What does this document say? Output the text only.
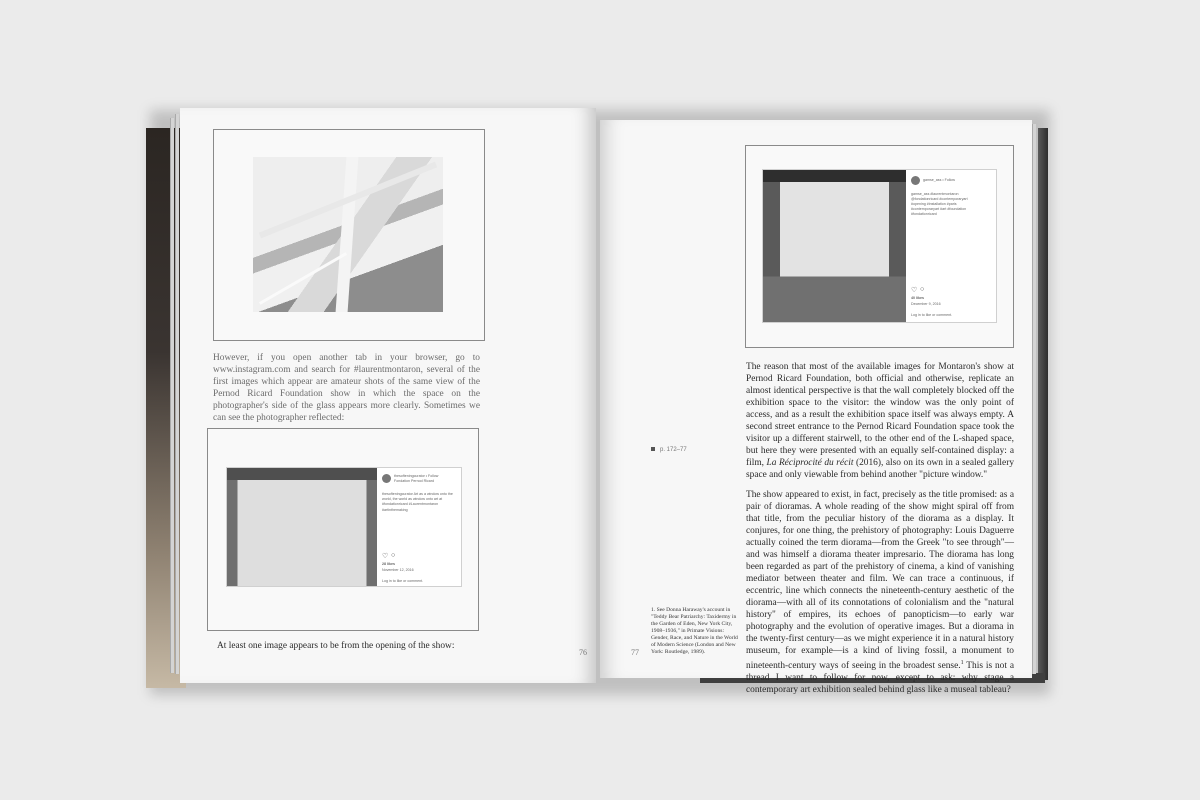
However, if you open another tab in your browser, go to www.instagram.com and search for #laurentmontaron, several of the first images which appear are amateur shots of the same view of the Pernod Ricard Foundation show in which the space on the photographer's side of the glass appears more clearly. Sometimes we can see the photographer reflected:
thesofteningcurator • Follow
Fondation Pernod Ricard
thesofteningcurator Art as a window onto the world, the world as window onto art at #fondationricard #Laurentmontaron
#artinthemaking
♡ ○
28 likes
November 12, 2016
Log in to like or comment.
At least one image appears to be from the opening of the show:
76
gamse_ass • Follow
gamse_ass #laurentmontaron
@fondationricard #contemporaryart
#opening #installation #paris
#contemporaryart #art #foundation
#fondationricard
♡ ○
40 likes
December 9, 2016
Log in to like or comment.
p. 172–77

The reason that most of the available images for Montaron's show at Pernod Ricard Foundation, both official and otherwise, replicate an almost identical perspective is that the wall completely blocked off the exhibition space to the visitor: the window was the only point of access, and as a result the exhibition space itself was always empty. A second street entrance to the Pernod Ricard Foundation space took the visitor up a different stairwell, to the other end of the L-shaped space, but here they were presented with an equally self-contained display: a film, La Réciprocité du récit (2016), also on its own in a sealed gallery space and only viewable from behind another "picture window."

The show appeared to exist, in fact, precisely as the title promised: as a pair of dioramas. A whole reading of the show might spiral off from that title, from the peculiar history of the diorama as a display. It conjures, for one thing, the prehistory of photography: Louis Daguerre actually coined the term diorama—from the Greek "to see through"—and was himself a diorama theater impresario. The diorama has long been regarded as part of the prehistory of cinema, a kind of vanishing mediator between theater and film. We can trace a continuous, if eccentric, line which connects the nineteenth-century aesthetic of the diorama—with all of its connotations of colonialism and the "natural history" of empires, its echoes of panopticism—to early war photography and the evolution of operative images. But a diorama in the twenty-first century—as we might experience it in a natural history museum, for example—is a kind of living fossil, a monument to nineteenth-century ways of seeing in the broadest sense.$^1$ This is not a thread I want to follow for now, except to ask: why stage a contemporary art exhibition sealed behind glass like a museal tableau?

1. See Donna Haraway's account in "Teddy Bear Patriarchy: Taxidermy in the Garden of Eden, New York City, 1908–1936," in Primate Visions: Gender, Race, and Nature in the World of Modern Science (London and New York: Routledge, 1989).
77
